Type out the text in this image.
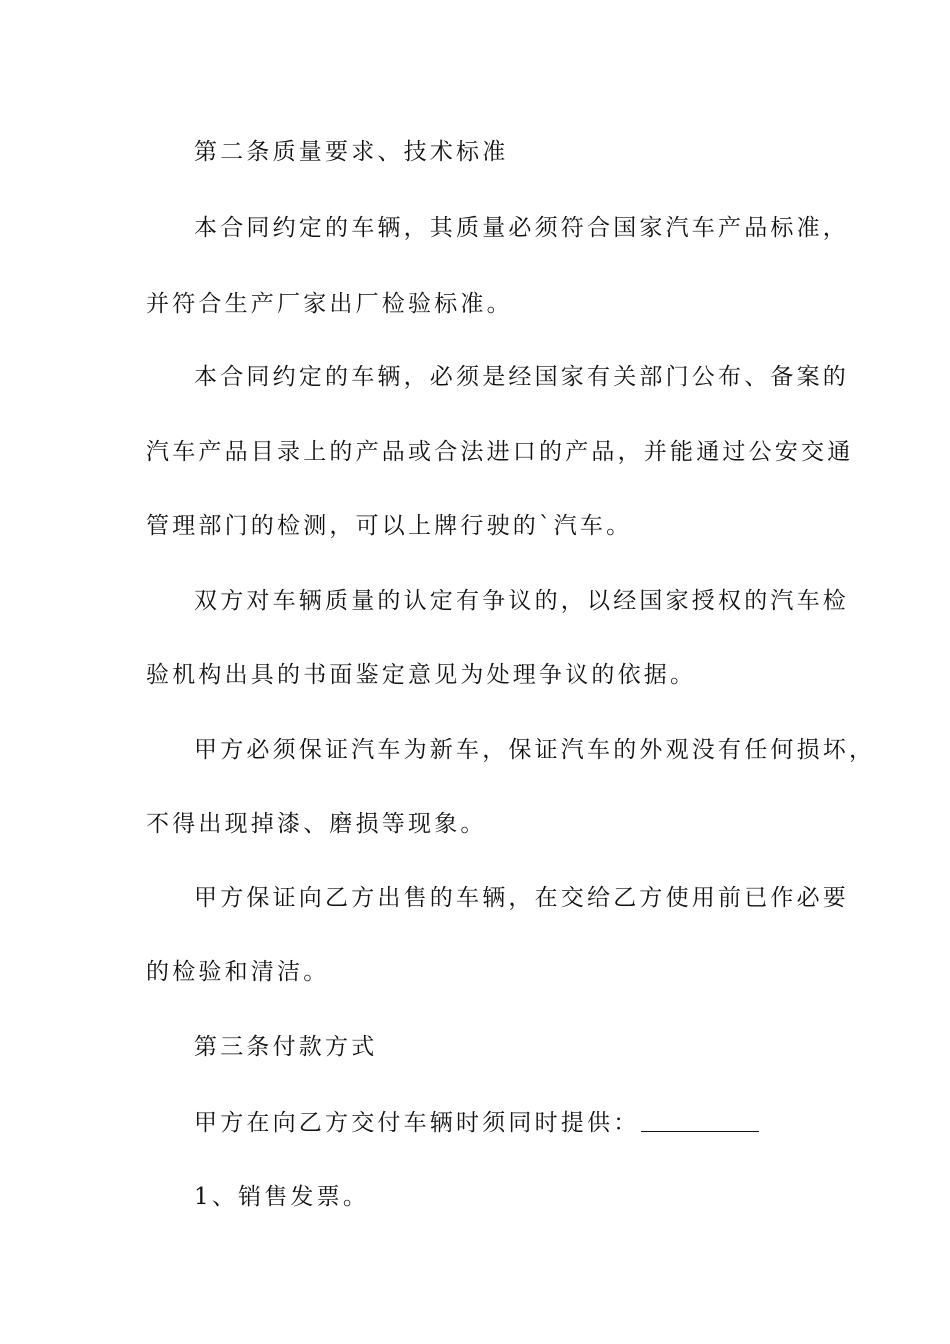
第二条质量要求、技术标准
本合同约定的车辆，其质量必须符合国家汽车产品标准，
并符合生产厂家出厂检验标准。
本合同约定的车辆，必须是经国家有关部门公布、备案的
汽车产品目录上的产品或合法进口的产品，并能通过公安交通
管理部门的检测，可以上牌行驶的`汽车。
双方对车辆质量的认定有争议的，以经国家授权的汽车检
验机构出具的书面鉴定意见为处理争议的依据。
甲方必须保证汽车为新车，保证汽车的外观没有任何损坏，
不得出现掉漆、磨损等现象。
甲方保证向乙方出售的车辆，在交给乙方使用前已作必要
的检验和清洁。
第三条付款方式
甲方在向乙方交付车辆时须同时提供：
1、销售发票。
